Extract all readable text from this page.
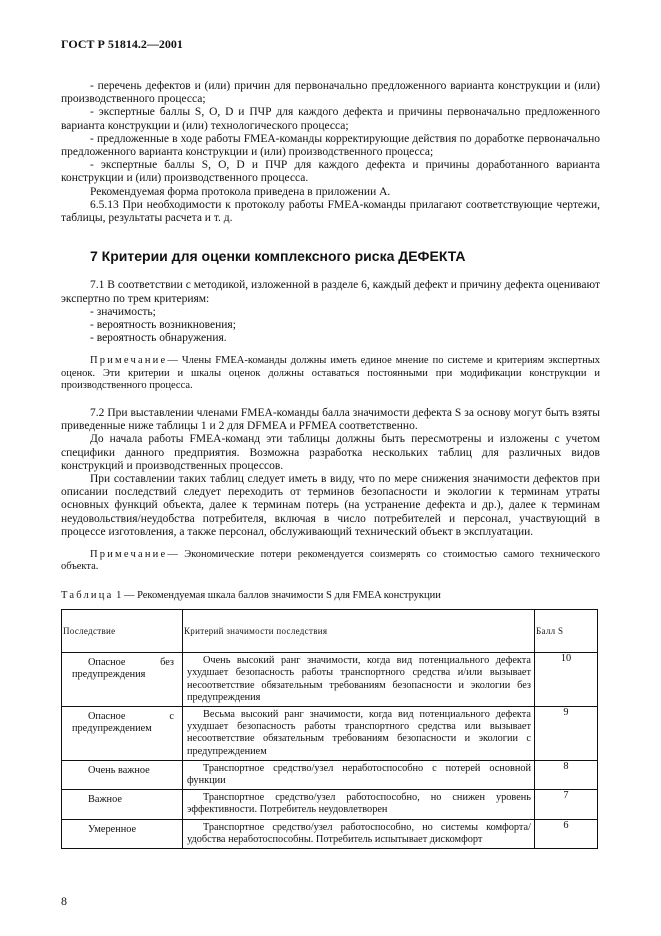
ГОСТ Р 51814.2—2001

- перечень дефектов и (или) причин для первоначально предложенного варианта конструкции и (или) производственного процесса;

- экспертные баллы S, O, D и ПЧР для каждого дефекта и причины первоначально предложенного варианта конструкции и (или) технологического процесса;

- предложенные в ходе работы FMEA-команды корректирующие действия по доработке первоначально предложенного варианта конструкции и (или) производственного процесса;

- экспертные баллы S, O, D и ПЧР для каждого дефекта и причины доработанного варианта конструкции и (или) производственного процесса.

Рекомендуемая форма протокола приведена в приложении А.

6.5.13 При необходимости к протоколу работы FMEA-команды прилагают соответствующие чертежи, таблицы, результаты расчета и т. д.

7 Критерии для оценки комплексного риска ДЕФЕКТА

7.1 В соответствии с методикой, изложенной в разделе 6, каждый дефект и причину дефекта оценивают экспертно по трем критериям:

- значимость;

- вероятность возникновения;

- вероятность обнаружения.

Примечание— Члены FMEA-команды должны иметь единое мнение по системе и критериям экспертных оценок. Эти критерии и шкалы оценок должны оставаться постоянными при модификации конструкции и производственного процесса.

7.2 При выставлении членами FMEA-команды балла значимости дефекта S за основу могут быть взяты приведенные ниже таблицы 1 и 2 для DFMEA и PFMEA соответственно.

До начала работы FMEA-команд эти таблицы должны быть пересмотрены и изложены с учетом специфики данного предприятия. Возможна разработка нескольких таблиц для различных видов конструкций и производственных процессов.

При составлении таких таблиц следует иметь в виду, что по мере снижения значимости дефектов при описании последствий следует переходить от терминов безопасности и экологии к терминам утраты основных функций объекта, далее к терминам потерь (на устранение дефекта и др.), далее к терминам неудовольствия/неудобства потребителя, включая в число потребителей и персонал, участвующий в процессе изготовления, а также персонал, обслуживающий технический объект в эксплуатации.

Примечание— Экономические потери рекомендуется соизмерять со стоимостью самого технического объекта.

Таблица 1 — Рекомендуемая шкала баллов значимости S для FMEA конструкции

Последствие	Критерий значимости последствия	Балл S
Опасное без предупреждения	Очень высокий ранг значимости, когда вид потенциального дефекта ухудшает безопасность работы транспортного средства и/или вызывает несоответствие обязательным требованиям безопасности и экологии без предупреждения	10
Опасное с предупреждением	Весьма высокий ранг значимости, когда вид потенциального дефекта ухудшает безопасность работы транспортного средства или вызывает несоответствие обязательным требованиям безопасности и экологии с предупреждением	9
Очень важное	Транспортное средство/узел неработоспособно с потерей основной функции	8
Важное	Транспортное средство/узел работоспособно, но снижен уровень эффективности. Потребитель неудовлетворен	7
Умеренное	Транспортное средство/узел работоспособно, но системы комфорта/удобства неработоспособны. Потребитель испытывает дискомфорт	6
8
